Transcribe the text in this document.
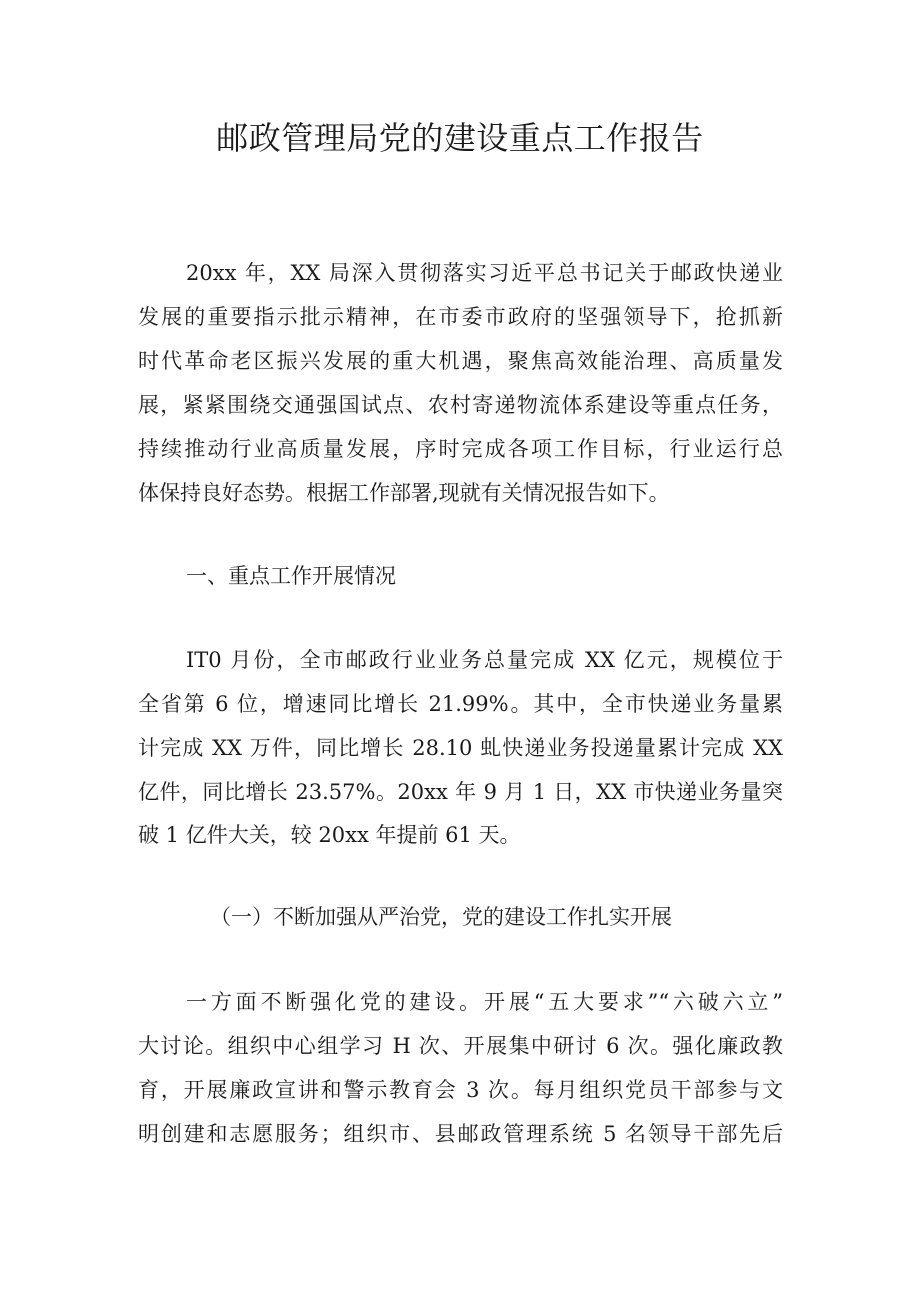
邮政管理局党的建设重点工作报告

20xx 年，XX 局深入贯彻落实习近平总书记关于邮政快递业

发展的重要指示批示精神，在市委市政府的坚强领导下，抢抓新

时代革命老区振兴发展的重大机遇，聚焦高效能治理、高质量发

展，紧紧围绕交通强国试点、农村寄递物流体系建设等重点任务，

持续推动行业高质量发展，序时完成各项工作目标，行业运行总

体保持良好态势。根据工作部署,现就有关情况报告如下。

一、重点工作开展情况

IT0 月份，全市邮政行业业务总量完成 XX 亿元，规模位于

全省第 6 位，增速同比增长 21.99%。其中，全市快递业务量累

计完成 XX 万件，同比增长 28.10 虬快递业务投递量累计完成 XX

亿件，同比增长 23.57%。20xx 年 9 月 1 日，XX 市快递业务量突

破 1 亿件大关，较 20xx 年提前 61 天。

（一）不断加强从严治党，党的建设工作扎实开展

一方面不断强化党的建设。开展“五大要求”“六破六立”

大讨论。组织中心组学习 H 次、开展集中研讨 6 次。强化廉政教

育，开展廉政宣讲和警示教育会 3 次。每月组织党员干部参与文

明创建和志愿服务；组织市、县邮政管理系统 5 名领导干部先后
